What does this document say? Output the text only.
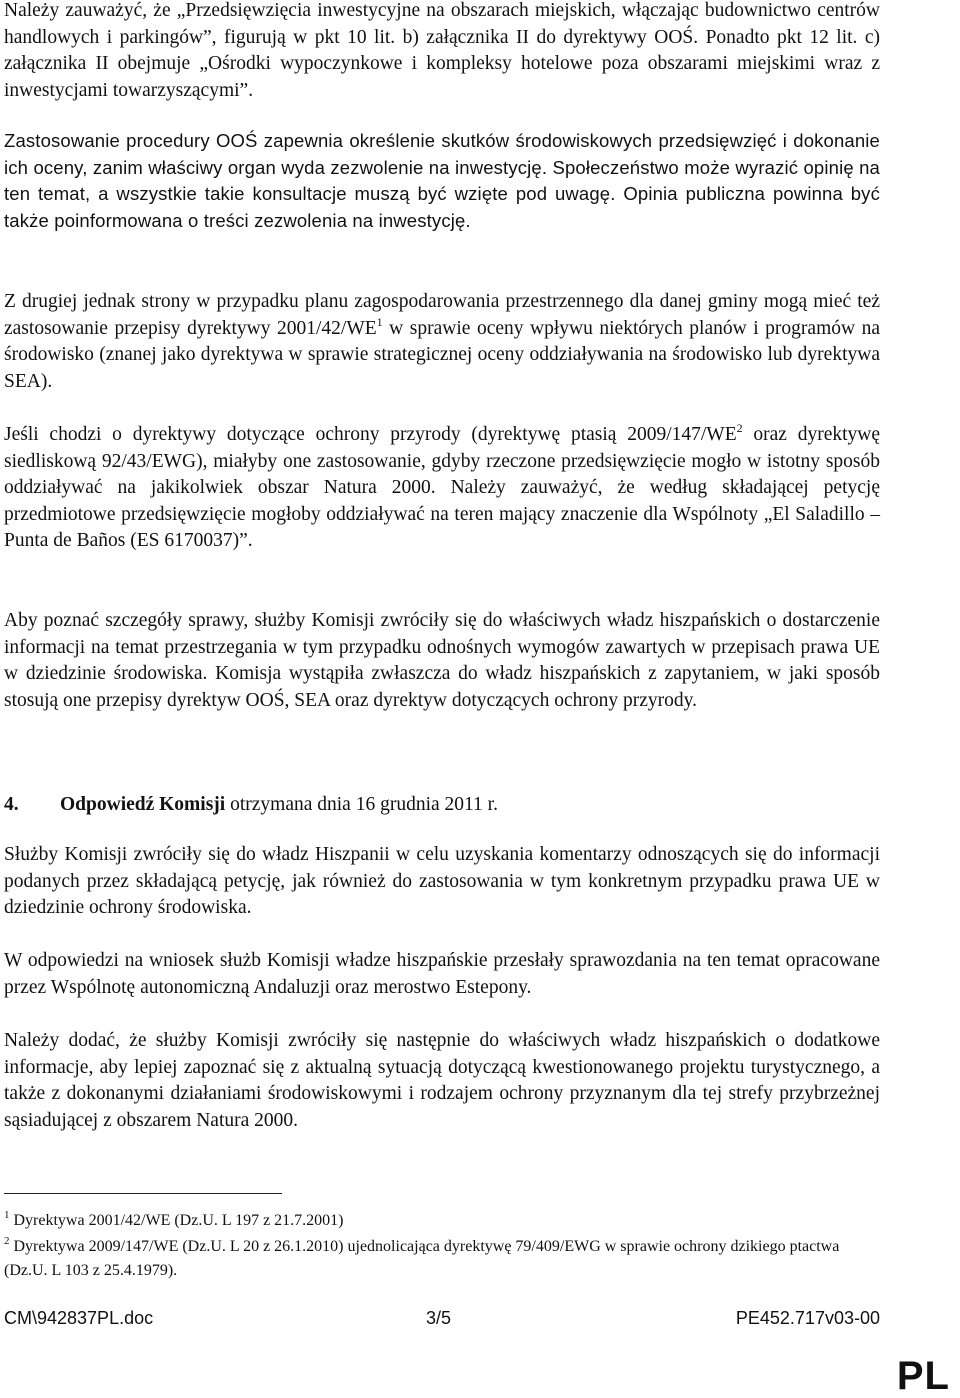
Należy zauważyć, że „Przedsięwzięcia inwestycyjne na obszarach miejskich, włączając budownictwo centrów handlowych i parkingów”, figurują w pkt 10 lit. b) załącznika II do dyrektywy OOŚ. Ponadto pkt 12 lit. c) załącznika II obejmuje „Ośrodki wypoczynkowe i kompleksy hotelowe poza obszarami miejskimi wraz z inwestycjami towarzyszącymi”.

Zastosowanie procedury OOŚ zapewnia określenie skutków środowiskowych przedsięwzięć i dokonanie ich oceny, zanim właściwy organ wyda zezwolenie na inwestycję. Społeczeństwo może wyrazić opinię na ten temat, a wszystkie takie konsultacje muszą być wzięte pod uwagę. Opinia publiczna powinna być także poinformowana o treści zezwolenia na inwestycję.

Z drugiej jednak strony w przypadku planu zagospodarowania przestrzennego dla danej gminy mogą mieć też zastosowanie przepisy dyrektywy $2001/42/WE^1$ w sprawie oceny wpływu niektórych planów i programów na środowisko (znanej jako dyrektywa w sprawie strategicznej oceny oddziaływania na środowisko lub dyrektywa SEA).

Jeśli chodzi o dyrektywy dotyczące ochrony przyrody (dyrektywę ptasią $2009/147/WE^2$ oraz dyrektywę siedliskową 92/43/EWG), miałyby one zastosowanie, gdyby rzeczone przedsięwzięcie mogło w istotny sposób oddziaływać na jakikolwiek obszar Natura 2000. Należy zauważyć, że według składającej petycję przedmiotowe przedsięwzięcie mogłoby oddziaływać na teren mający znaczenie dla Wspólnoty „El Saladillo – Punta de Baños (ES 6170037)”.

Aby poznać szczegóły sprawy, służby Komisji zwróciły się do właściwych władz hiszpańskich o dostarczenie informacji na temat przestrzegania w tym przypadku odnośnych wymogów zawartych w przepisach prawa UE w dziedzinie środowiska. Komisja wystąpiła zwłaszcza do władz hiszpańskich z zapytaniem, w jaki sposób stosują one przepisy dyrektyw OOŚ, SEA oraz dyrektyw dotyczących ochrony przyrody.

4. Odpowiedź Komisji otrzymana dnia 16 grudnia 2011 r.

Służby Komisji zwróciły się do władz Hiszpanii w celu uzyskania komentarzy odnoszących się do informacji podanych przez składającą petycję, jak również do zastosowania w tym konkretnym przypadku prawa UE w dziedzinie ochrony środowiska.

W odpowiedzi na wniosek służb Komisji władze hiszpańskie przesłały sprawozdania na ten temat opracowane przez Wspólnotę autonomiczną Andaluzji oraz merostwo Estepony.

Należy dodać, że służby Komisji zwróciły się następnie do właściwych władz hiszpańskich o dodatkowe informacje, aby lepiej zapoznać się z aktualną sytuacją dotyczącą kwestionowanego projektu turystycznego, a także z dokonanymi działaniami środowiskowymi i rodzajem ochrony przyznanym dla tej strefy przybrzeżnej sąsiadującej z obszarem Natura 2000.

$^1$ Dyrektywa 2001/42/WE (Dz.U. L 197 z 21.7.2001)

$^2$ Dyrektywa 2009/147/WE (Dz.U. L 20 z 26.1.2010) ujednolicająca dyrektywę 79/409/EWG w sprawie ochrony dzikiego ptactwa (Dz.U. L 103 z 25.4.1979).

CM\942837PL.doc	3/5	PE452.717v03-00
PL
